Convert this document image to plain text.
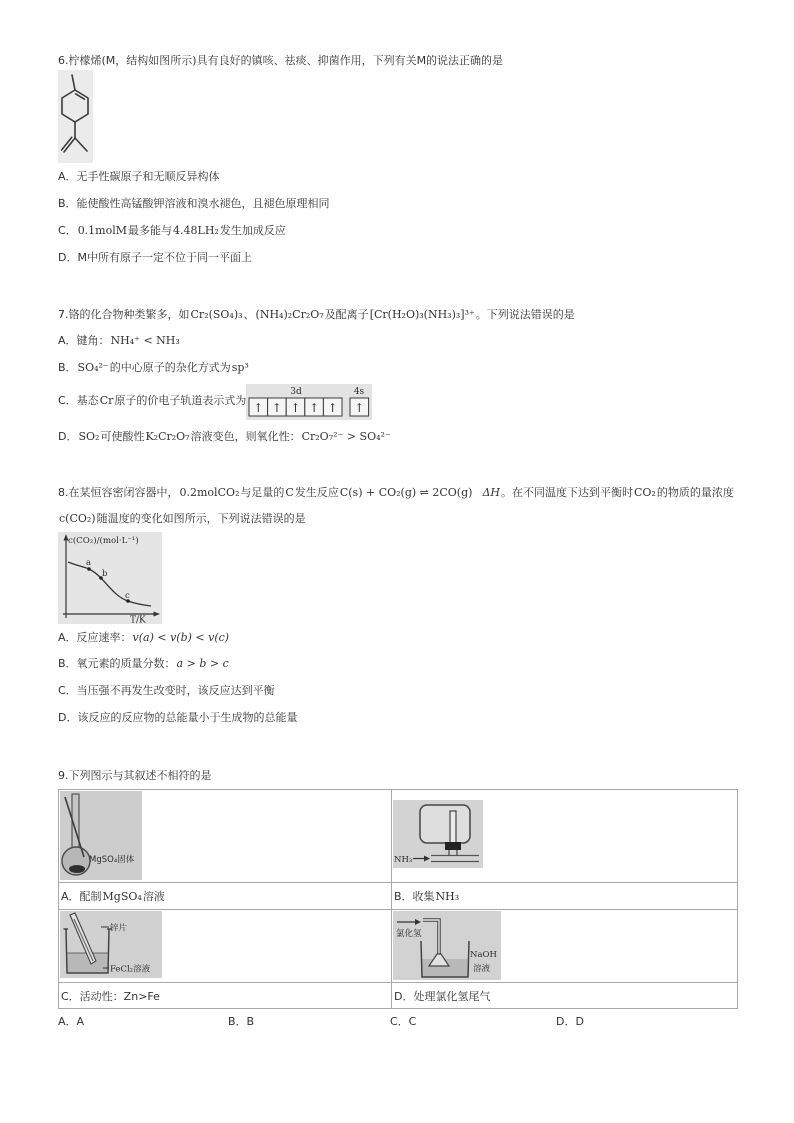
6.柠檬烯(M，结构如图所示)具有良好的镇咳、祛痰、抑菌作用，下列有关M的说法正确的是
A．无手性碳原子和无顺反异构体
B．能使酸性高锰酸钾溶液和溴水褪色，且褪色原理相同
C．0.1molM最多能与4.48LH₂发生加成反应
D．M中所有原子一定不位于同一平面上
7.铬的化合物种类繁多，如Cr₂(SO₄)₃、(NH₄)₂Cr₂O₇及配离子[Cr(H₂O)₃(NH₃)₃]³⁺。下列说法错误的是
A．键角：NH₄⁺ < NH₃
B．SO₄²⁻的中心原子的杂化方式为sp³
C．基态Cr原子的价电子轨道表示式为
3d	4s
↑ ↑ ↑ ↑ ↑ ↑
D．SO₂可使酸性K₂Cr₂O₇溶液变色，则氧化性：Cr₂O₇²⁻ > SO₄²⁻
8.在某恒容密闭容器中，0.2molCO₂与足量的C发生反应C(s) + CO₂(g) ⇌ 2CO(g) ΔH。在不同温度下达到平衡时CO₂的物质的量浓度
c(CO₂)随温度的变化如图所示，下列说法错误的是
c(CO₂)/(mol·L⁻¹)
a
b
c
T/K
A．反应速率：v(a) < v(b) < v(c)
B．氧元素的质量分数：a > b > c
C．当压强不再发生改变时，该反应达到平衡
D．该反应的反应物的总能量小于生成物的总能量
9.下列图示与其叙述不相符的是
MgSO₄固体	NH₃
A．配制 MgSO₄ 溶液	B．收集 NH₃
锌片
FeCl₂溶液
氯化氢
NaOH
溶液
C．活动性：Zn>Fe	D．处理氯化氢尾气
A．A	B．B	C．C	D．D
